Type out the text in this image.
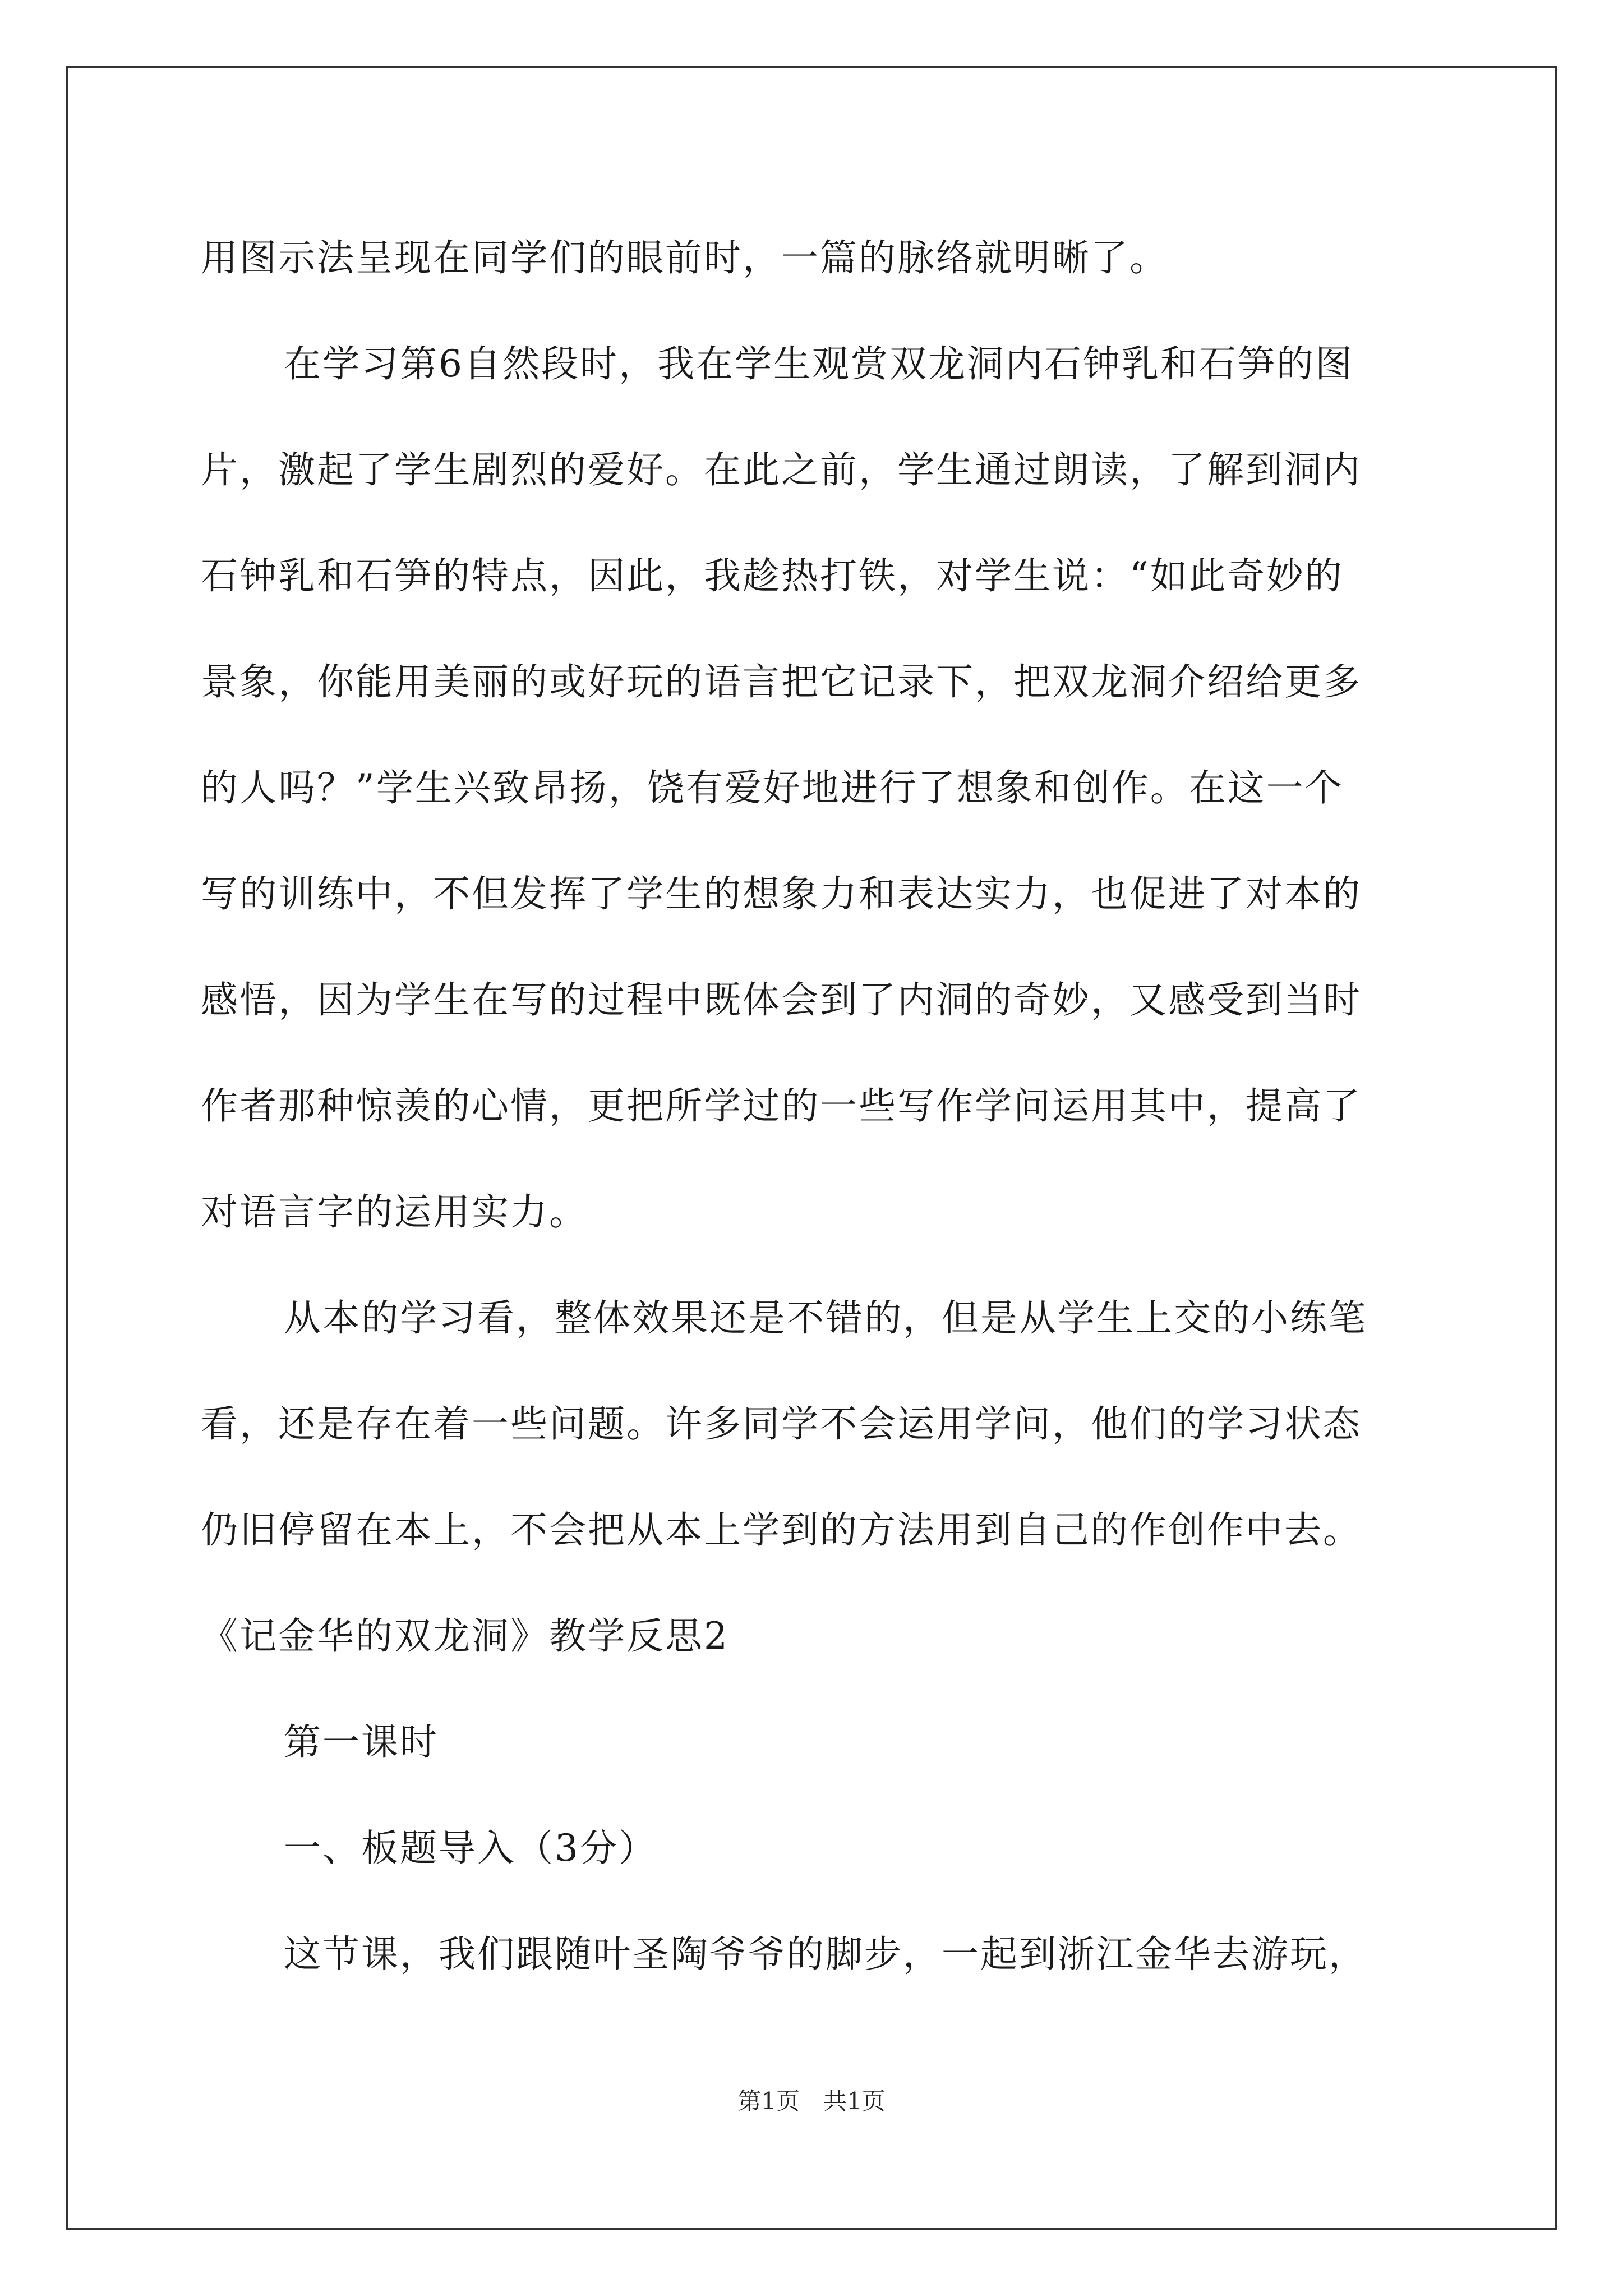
用图示法呈现在同学们的眼前时，一篇的脉络就明晰了。
在学习第6自然段时，我在学生观赏双龙洞内石钟乳和石笋的图
片，激起了学生剧烈的爱好。在此之前，学生通过朗读，了解到洞内
石钟乳和石笋的特点，因此，我趁热打铁，对学生说：“如此奇妙的
景象，你能用美丽的或好玩的语言把它记录下，把双龙洞介绍给更多
的人吗？”学生兴致昂扬，饶有爱好地进行了想象和创作。在这一个
写的训练中，不但发挥了学生的想象力和表达实力，也促进了对本的
感悟，因为学生在写的过程中既体会到了内洞的奇妙，又感受到当时
作者那种惊羡的心情，更把所学过的一些写作学问运用其中，提高了
对语言字的运用实力。
从本的学习看，整体效果还是不错的，但是从学生上交的小练笔
看，还是存在着一些问题。许多同学不会运用学问，他们的学习状态
仍旧停留在本上，不会把从本上学到的方法用到自己的作创作中去。
《记金华的双龙洞》教学反思2
第一课时
一、板题导入（3分）
这节课，我们跟随叶圣陶爷爷的脚步，一起到浙江金华去游玩，
第1页　共1页
